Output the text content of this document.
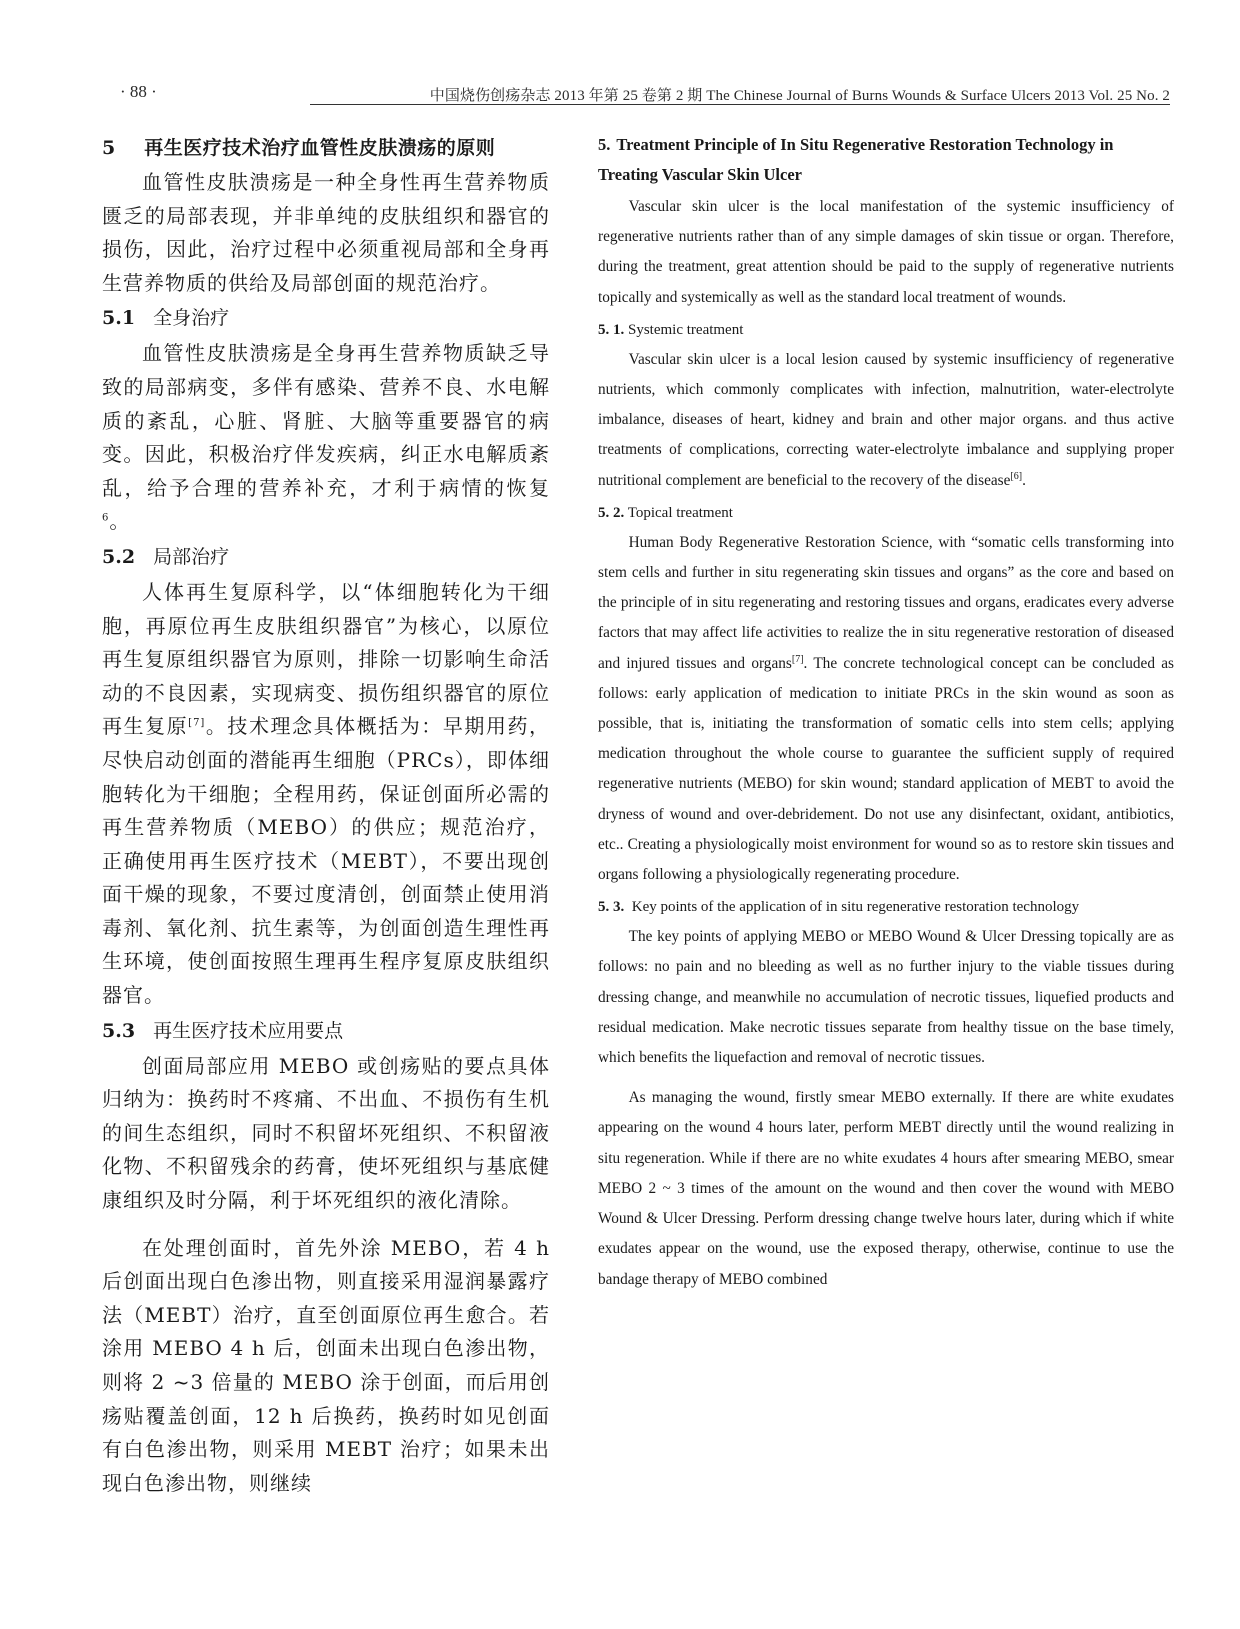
· 88 ·	中国烧伤创疡杂志 2013 年第 25 卷第 2 期 The Chinese Journal of Burns Wounds & Surface Ulcers 2013 Vol. 25 No. 2
5 再生医疗技术治疗血管性皮肤溃疡的原则

血管性皮肤溃疡是一种全身性再生营养物质匮乏的局部表现，并非单纯的皮肤组织和器官的损伤，因此，治疗过程中必须重视局部和全身再生营养物质的供给及局部创面的规范治疗。

5.1 全身治疗

血管性皮肤溃疡是全身再生营养物质缺乏导致的局部病变，多伴有感染、营养不良、水电解质的紊乱，心脏、肾脏、大脑等重要器官的病变。因此，积极治疗伴发疾病，纠正水电解质紊乱，给予合理的营养补充，才利于病情的恢复$^6$。

5.2 局部治疗

人体再生复原科学，以“体细胞转化为干细胞，再原位再生皮肤组织器官”为核心，以原位再生复原组织器官为原则，排除一切影响生命活动的不良因素，实现病变、损伤组织器官的原位再生复原[7]。技术理念具体概括为：早期用药，尽快启动创面的潜能再生细胞（PRCs），即体细胞转化为干细胞；全程用药，保证创面所必需的再生营养物质（MEBO）的供应；规范治疗，正确使用再生医疗技术（MEBT），不要出现创面干燥的现象，不要过度清创，创面禁止使用消毒剂、氧化剂、抗生素等，为创面创造生理性再生环境，使创面按照生理再生程序复原皮肤组织器官。

5.3 再生医疗技术应用要点

创面局部应用 MEBO 或创疡贴的要点具体归纳为：换药时不疼痛、不出血、不损伤有生机的间生态组织，同时不积留坏死组织、不积留液化物、不积留残余的药膏，使坏死组织与基底健康组织及时分隔，利于坏死组织的液化清除。

在处理创面时，首先外涂 MEBO，若 4 h 后创面出现白色渗出物，则直接采用湿润暴露疗法（MEBT）治疗，直至创面原位再生愈合。若涂用 MEBO 4 h 后，创面未出现白色渗出物，则将 2 ~3 倍量的 MEBO 涂于创面，而后用创疡贴覆盖创面，12 h 后换药，换药时如见创面有白色渗出物，则采用 MEBT 治疗；如果未出现白色渗出物，则继续

5. Treatment Principle of In Situ Regenerative Restoration Technology in Treating Vascular Skin Ulcer

Vascular skin ulcer is the local manifestation of the systemic insufficiency of regenerative nutrients rather than of any simple damages of skin tissue or organ. Therefore, during the treatment, great attention should be paid to the supply of regenerative nutrients topically and systemically as well as the standard local treatment of wounds.

5. 1. Systemic treatment

Vascular skin ulcer is a local lesion caused by systemic insufficiency of regenerative nutrients, which commonly complicates with infection, malnutrition, water-electrolyte imbalance, diseases of heart, kidney and brain and other major organs. and thus active treatments of complications, correcting water-electrolyte imbalance and supplying proper nutritional complement are beneficial to the recovery of the disease[6].

5. 2. Topical treatment

Human Body Regenerative Restoration Science, with “somatic cells transforming into stem cells and further in situ regenerating skin tissues and organs” as the core and based on the principle of in situ regenerating and restoring tissues and organs, eradicates every adverse factors that may affect life activities to realize the in situ regenerative restoration of diseased and injured tissues and organs[7]. The concrete technological concept can be concluded as follows: early application of medication to initiate PRCs in the skin wound as soon as possible, that is, initiating the transformation of somatic cells into stem cells; applying medication throughout the whole course to guarantee the sufficient supply of required regenerative nutrients (MEBO) for skin wound; standard application of MEBT to avoid the dryness of wound and over-debridement. Do not use any disinfectant, oxidant, antibiotics, etc.. Creating a physiologically moist environment for wound so as to restore skin tissues and organs following a physiologically regenerating procedure.

5. 3. Key points of the application of in situ regenerative restoration technology

The key points of applying MEBO or MEBO Wound & Ulcer Dressing topically are as follows: no pain and no bleeding as well as no further injury to the viable tissues during dressing change, and meanwhile no accumulation of necrotic tissues, liquefied products and residual medication. Make necrotic tissues separate from healthy tissue on the base timely, which benefits the liquefaction and removal of necrotic tissues.

As managing the wound, firstly smear MEBO externally. If there are white exudates appearing on the wound 4 hours later, perform MEBT directly until the wound realizing in situ regeneration. While if there are no white exudates 4 hours after smearing MEBO, smear MEBO 2 ~ 3 times of the amount on the wound and then cover the wound with MEBO Wound & Ulcer Dressing. Perform dressing change twelve hours later, during which if white exudates appear on the wound, use the exposed therapy, otherwise, continue to use the bandage therapy of MEBO combined
